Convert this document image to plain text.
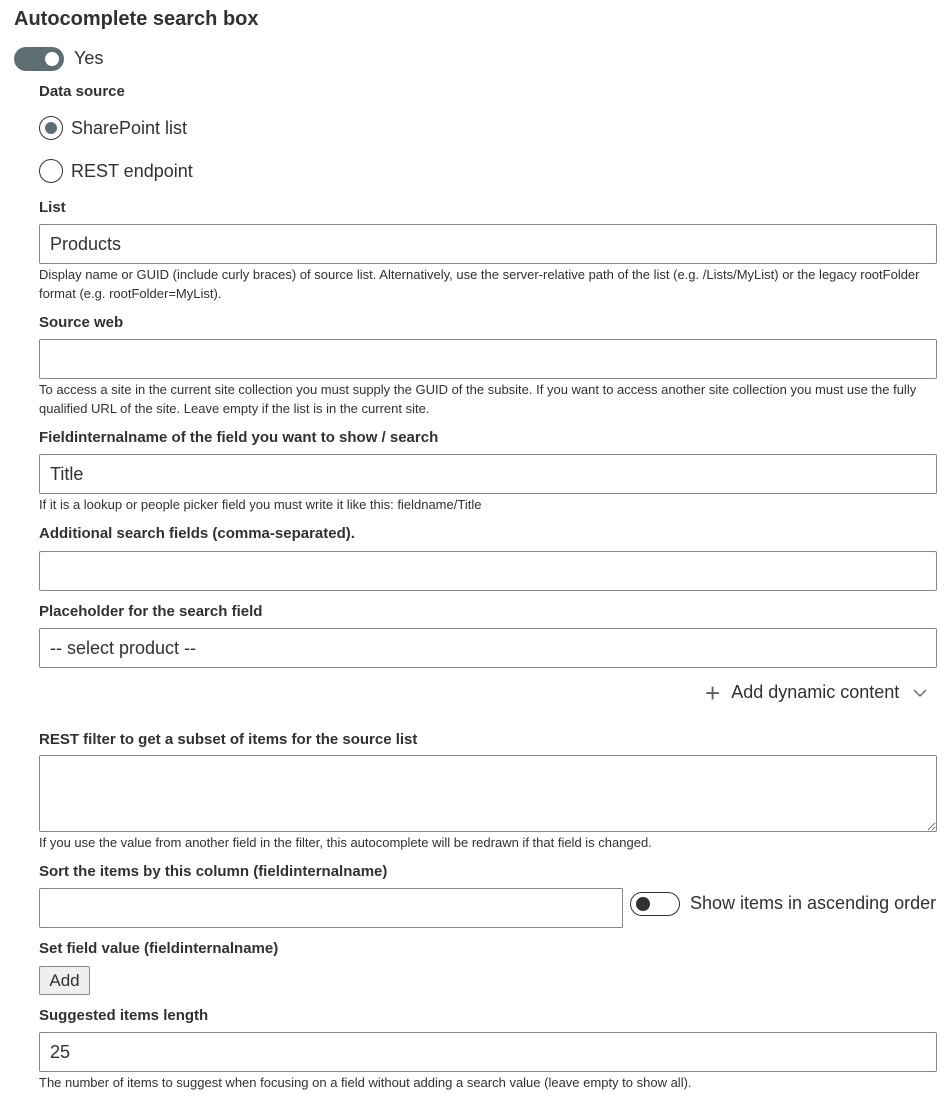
Autocomplete search box
Yes
Data source
SharePoint list
REST endpoint
List
Products
Display name or GUID (include curly braces) of source list. Alternatively, use the server-relative path of the list (e.g. /Lists/MyList) or the legacy rootFolder format (e.g. rootFolder=MyList).
Source web
To access a site in the current site collection you must supply the GUID of the subsite. If you want to access another site collection you must use the fully qualified URL of the site. Leave empty if the list is in the current site.
Fieldinternalname of the field you want to show / search
Title
If it is a lookup or people picker field you must write it like this: fieldname/Title
Additional search fields (comma-separated).
Placeholder for the search field
-- select product --
+ Add dynamic content
REST filter to get a subset of items for the source list
If you use the value from another field in the filter, this autocomplete will be redrawn if that field is changed.
Sort the items by this column (fieldinternalname)
Show items in ascending order
Set field value (fieldinternalname)
Add
Suggested items length
25
The number of items to suggest when focusing on a field without adding a search value (leave empty to show all).
